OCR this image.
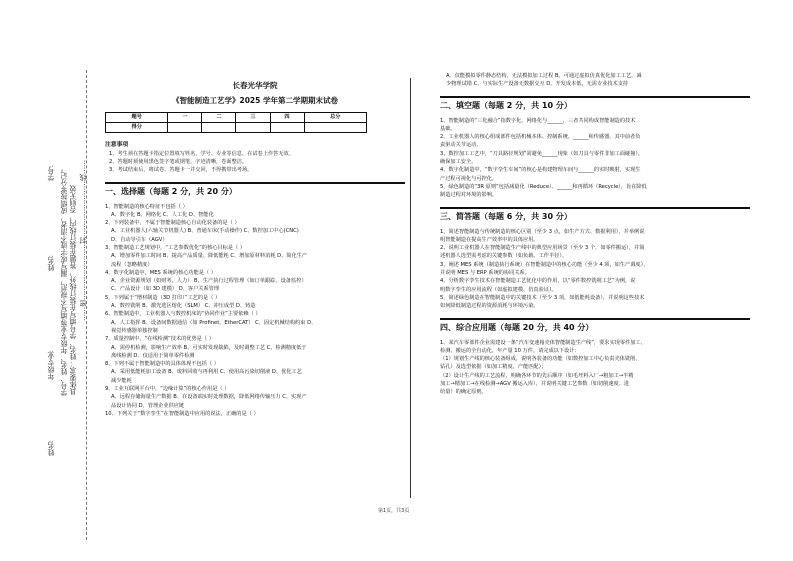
……密……………………封……………………线……
学号:
姓名:
年级专业:
姓名:
学号、姓名、年级专业等填写不规范，漏写或字迹不清者，成绩按零分记。 具体要求：姓名、学号填写在装订线外，答题在装订线内，否则无效
长春光华学院
《智能制造工艺学》2025 学年第二学期期末试卷
题号	一	二	三	四	总分
得分					
注意事项

1、考生须在答题卡指定位置填写姓名、学号、专业等信息，在试卷上作答无效。

2、答题时须使用黑色签字笔或钢笔，字迹清晰，卷面整洁。

3、考试结束后，将试卷、答题卡一并交回，不得携带出考场。

一、选择题（每题 2 分，共 20 分）

1、智能制造的核心特征不包括（ ）

A、数字化 B、网络化 C、人工化 D、智能化

2、下列装备中，不属于智能制造核心自动化装备的是（ ）

A、工业机器人(六轴关节机器人) B、普通车床(手动操作) C、数控加工中心(CNC)

D、自动导引车（AGV）

3、智能制造工艺规划中，“工艺参数优化”的核心目标是（ ）

A、增加零件加工时间 B、提高产品质量、降低能耗 C、增加原材料消耗 D、简化生产

流程（忽略精度）

4、数字化制造中，MES 系统的核心功能是（ ）

A、企业资源规划（如财务、人力） B、生产执行过程管理（如订单跟踪、设备监控）

C、产品设计（如 3D 建模） D、客户关系管理

5、下列属于“增材制造（3D 打印）”工艺的是（ ）

A、数控铣削 B、激光选区熔化（SLM） C、冲压成型 D、铸造

6、智能制造中，工业机器人与数控机床的“协同作业”主要依赖（ ）

A、人工指挥 B、设备间数据通信（如 Profinet、EtherCAT） C、固定机械结构约束 D、

视觉传感器单独控制

7、质量控制中，“在线检测”技术的优势是（ ）

A、需停机检测，影响生产效率 B、可实时发现缺陷，及时调整工艺 C、检测精度低于

离线检测 D、仅适用于简单零件检测

8、下列不属于智能制造中的具体体现不包括（ ）

A、采用低能耗加工设备 B、废料回收与再利用 C、使用高污染切削液 D、优化工艺

减少能耗

9、工业互联网平台中，“边缘计算”的核心作用是（ ）

A、远程存储海量生产数据 B、在设备端实时处理数据，降低网络传输压力 C、实现产

品设计协同 D、管理企业供应链

10、下列关于“数字孪生”在智能制造中应用的说法，正确的是（ ）

A、仅能模拟零件静态结构，无法模拟加工过程 B、可通过虚拟仿真优化加工工艺，减

少物理试错 C、与实际生产设备无数据交互 D、开发成本低，无需专业技术支持

二、填空题（每题 2 分，共 10 分）

1、智能制造的“三化融合”指数字化、网络化与______，三者共同构成智能制造的技术

基础。

2、工业机器人的核心组成部件包括机械本体、控制系统、______和传感器，其中前者负

责驱动关节运动。

3、数控加工工艺中，“刀具路径规划”需避免______现象（如刀具与零件非加工面碰撞），

确保加工安全。

4、数字化制造中，“数字孪生车间”的核心是构建物理车间与______的实时映射，实现生

产过程可视化与可控化。

5、绿色制造的“3R 原则”包括减量化（Reduce）、______和再循环（Recycle），旨在降低

制造过程对环境的影响。

三、简答题（每题 6 分，共 30 分）

1、简述智能制造与传统制造的核心区别（至少 3 点，如生产方式、数据利用），并举例说

明智能制造在提高生产效率中的具体应用。

2、说明工业机器人在智能制造生产线中的典型应用场景（至少 3 个，如零件搬运），并简

述机器人选型需考虑的关键参数（如负载、工作半径）。

3、阐述 MES 系统（制造执行系统）在智能制造中的核心功能（至少 4 项，如生产调度），

并说明 MES 与 ERP 系统的协同关系。

4、分析数字孪生技术在智能制造工艺优化中的作用，以“零件数控铣削工艺”为例，说

明数字孪生的应用流程（如虚拟建模、仿真验证）。

5、简述绿色制造在智能制造中的关键技术（至少 3 项，如低能耗设备），并说明这些技术

如何降低制造过程的资源消耗与环境污染。

四、综合应用题（每题 20 分，共 40 分）

1、某汽车零部件企业需建设一条“汽车变速箱壳体智能制造生产线”，要求实现零件加工、

检测、搬运的全自动化，年产量 10 万件。请完成以下设计：

（1）规划生产线的核心装备组成，说明各装备的功能（如数控加工中心负责壳体铣削、

钻孔）及选型依据（如加工精度、产能匹配）；

（2）设计生产线的工艺流程，明确各环节的先后顺序（如毛坯料入厂→粗加工→半精

加工→精加工→在线检测→AGV 搬运入库），并说明关键工艺参数（如切削速度、进

给量）的确定原则。

第1页，共3页
